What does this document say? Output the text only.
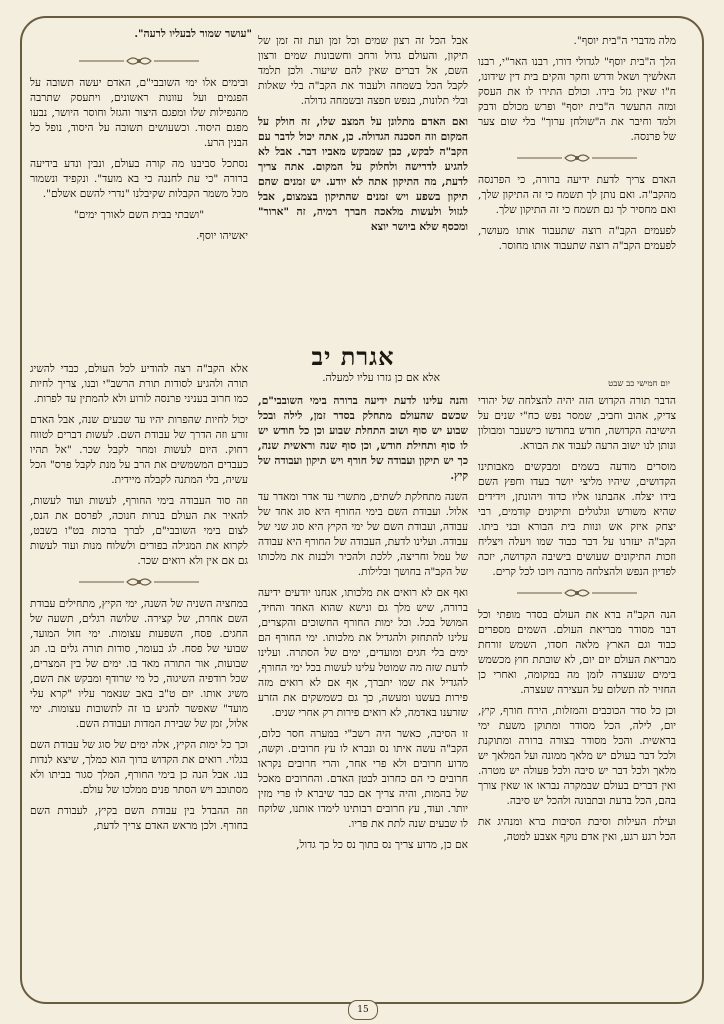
"עושר שמור לבעליו לרעה".

מלה מדברי ה"בית יוסף".

הלך ה"בית יוסף" לגדולי דורו, רבנו האר"י, רבנו האלשיך ושאל ודרש וחקר והקים בית דין שידונו, ח"ו שאין גזל בידו. וכולם התירו לו את העסק ומזה התעשר ה"בית יוסף" ופרש מכולם ודבק ולמד וחיבר את ה"שולחן ערוך" בלי שום צער של פרנסה.

האדם צריך לדעת ידיעה ברורה, כי הפרנסה מהקב"ה. ואם נותן לך תשמח כי זה התיקון שלך, ואם מחסיר לך גם תשמח כי זה התיקון שלך.

לפעמים הקב"ה רוצה שתעבוד אותו מעושר, לפעמים הקב"ה רוצה שתעבוד אותו מחוסר.

אבל הכל זה רצון שמים וכל זמן ועת זה זמן של תיקון, והעולם גדול ורחב וחשבונות שמים ורצון השם, אל דברים שאין להם שיעור. ולכן תלמד לקבל הכל בשמחה ולעבוד את הקב"ה בלי שאלות ובלי תלונות, בנפש חפצה ובשמחה גדולה.

ואם האדם מתלונן על המצב שלו, זה חולק על המקום וזה הסכנה הגדולה. כן, אתה יכול לדבר עם הקב"ה לבקש, כבן שמבקש מאביו דבר. אבל לא להגיע לדרישה ולחלוק על המקום. אתה צריך לדעת, מה התיקון אתה לא יודע. יש זמנים שהם תיקון בשפע ויש זמנים שהתיקון בצמצום, אבל לגזול ולעשות מלאכה חברך רמיה, זה "ארור" ומכסף שלא ביושר יוצא

ובימים אלו ימי השובבי"ם, האדם יעשה תשובה על הפגמים ועל עוונות ראשונים, ויתעסק שתרבה מהנפילות שלו ומפגם היצור והגזל וחוסר היושר, נבעו מפגם היסוד. וכשעושים תשובה על היסוד, נופל כל הבנין הרע.

נסתכל סביבנו מה קורה בעולם, ונבין ונדע בידיעה ברורה "כי עת לחננה כי בא מועד". ונקפיד ונשמור מכל משמר הקבלות שקיבלנו "נדרי להשם אשלם".

"ושבתי בבית השם לאורך ימים"

יאשיהו יוסף.

אגרת יב
אלא אם כן גזרו עליו למעלה.	יום חמישי כב שבט

הדבר תורה הקדוש הזה יהיה להצלחה של יהודי צדיק, אהוב וחביב, שמסר נפש כח"י שנים על הישיבה הקדושה, חודש בחודשו כישעבר ומבולון ונותן לנו ישוב הרעה לעבוד את הבורא.

מוסרים מודעה בשמים ומבקשים מאבותינו הקדושים, שיהיו מליצי יושר בעדו וחפץ השם בידו יצלח. אהבתנו אליו כדוד ויהונתן, וידידים שהיא משורש וגלגולים ותיקונים קודמים, רבי יצחק איזק אש ונוות בית הבורא ובני ביתו. הקב"ה יעזרנו על דבר כבוד שמו ויעלה ויצליח וזכות התיקונים שעושים בישיבה הקדושה, יזכה לפדיון הנפש ולהצלחה מרובה ויזכו לכל קרים.

הנה הקב"ה ברא את העולם בסדר מופתי וכל דבר מסודר מבריאת העולם. השמים מספרים כבוד וגם הארץ מלאה חסדו, השמש זורחת מבריאת העולם יום יום, לא שובתת חוץ מכשמש בימים שנעצרה לזמן מה במקומה, ואחרי כן החזיר לה תשלום על העצירה שעצרה.

וכן כל סדר הכוכבים והמזלות, הירח חורף, קיץ, יום, לילה, הכל מסודר ומתוקן משעת ימי בראשית. והכל מסודר בצורה ברורה ומתוקנת ולכל דבר בעולם יש מלאך ממונה ועל המלאך יש מלאך ולכל דבר יש סיבה ולכל פעולה יש מטרה. ואין דברים בעולם שבמקרה נבראו או שאין צורך בהם, הכל בדעת ובתבונה ולהכל יש סיבה.

ועילת העילות וסיבת הסיבות ברא ומנהיג את הכל רגע רגע, ואין אדם נוקף אצבע למטה,

והנה עלינו לדעת ידיעה ברורה בימי השובבי"ם, שכשם שהעולם מתחלק בסדר זמן, לילה ובכל שבוע יש סוף ושוב התחלת שבוע וכן כל חודש יש לו סוף ותחילת חודש, וכן סוף שנה וראשית שנה, כך יש תיקון ועבודה של חורף ויש תיקון ועבודה של קיץ.

השנה מתחלקת לשתים, מתשרי עד אדר ומאדר עד אלול. ועבודת השם בימי החורף היא סוג אחד של עבודה, ועבודת השם של ימי הקיץ היא סוג שני של עבודה. ועלינו לדעת, העבודה של החורף היא עבודה של עמל וחריצה, ללכת ולהכיר ולבנות את מלכותו של הקב"ה בחושך ובלילות.

ואף אם לא רואים את מלכותו, אנחנו יודעים ידיעה ברורה, שיש מלך גם ונישא שהוא האחד והחיד, המושל בכל. וכל ימות החורף החשוכים והקצרים, עלינו להתחזק ולהגדיל את מלכותו. ימי החורף הם ימים בלי חגים ומועדים, ימים של הסתרה. ועלינו לדעת שזה מה שמוטל עלינו לעשות בכל ימי החורף, להגדיל את שמו יתברך, אף אם לא רואים מזה פירות בעשנו ומעשה, כך גם כשמשקים את הזרע שזרענו באדמה, לא רואים פירות רק אחרי שנים.

זו הסיבה, כאשר היה רשב"י במערה חסר כלום, הקב"ה עשה איתו נס ונברא לו עץ חרובים. וקשה, מדוע חרובים ולא פרי אחר, והרי חרובים נקראו חרובים כי הם כחרוב לבטן האדם. והחרובים מאכל של בהמות, והיה צריך אם כבר שיברא לו פרי מזין יותר. ועוד, עץ חרובים רבותינו לימדו אותנו, שלוקח לו שבעים שנה לתת את פריו.

אם כן, מדוע צריך נס בתוך נס כל כך גדול,

אלא הקב"ה רצה להודיע לכל העולם, כבדי להשיג תורה ולהגיע לסודות תורת הרשב"י ובנו, צריך לחיות כמו חרוב בעניני פרנסה לורוע ולא להמתין עד לפרות.

יכול לחיות שהפרות יהיו עד שבעים שנה, אבל האדם זורע וזה הדרך של עבודת השם. לעשות דברים לטווח רחוק. היום לעשות ומחר לקבל שכר. "אל תהיו כעבדים המשמשים את הרב על מנת לקבל פרס" הכל עשיה, בלי המתנה לקבלה מיידית.

וזה סוד העבודה בימי החורף, לעשות ועוד לעשות, להאיר את העולם בנרות חנוכה, לפרסם את הנס, לצום בימי השובבי"ם, לברך ברכות בט"ו בשבט, לקרוא את המגילה בפורים ולשלוח מנות ועוד לעשות גם אם אין ולא רואים שכר.

במחציה השניה של השנה, ימי הקיץ, מתחילים עבודת השם אחרת, של קצירה. שלושה רגלים, תשעה של החגים. פסח, השפעות עצומות. ימי חול המועד, שבועי של פסח. לג בעומר, סודות תורה גלים בו. תג שבועות, אור התורה מאד בו. ימים של בין המצרים, שכל רודפיה השיגוה, כל מי שרודף ומבקש את השם, משיג אותו. יום ט"ב באב שנאמר עליו "קרא עלי מועד" שאפשר להגיע בו זה לתשובות עצומות. ימי אלול, זמן של שבירת המדות ועבודת השם.

וכך כל ימות הקיץ, אלה ימים של סוג של עבודת השם בגלוי. רואים את הקדוש ברוך הוא כמלך, שיצא לנדות בנו. אבל הנה כן בימי החורף, המלך סגור בביתו ולא מסתובב ויש הסתר פנים ממלכו של עולם.

וזה ההבדל בין עבודת השם בקיץ, לעבודת השם בחורף. ולכן מראש האדם צריך לדעת,

15
